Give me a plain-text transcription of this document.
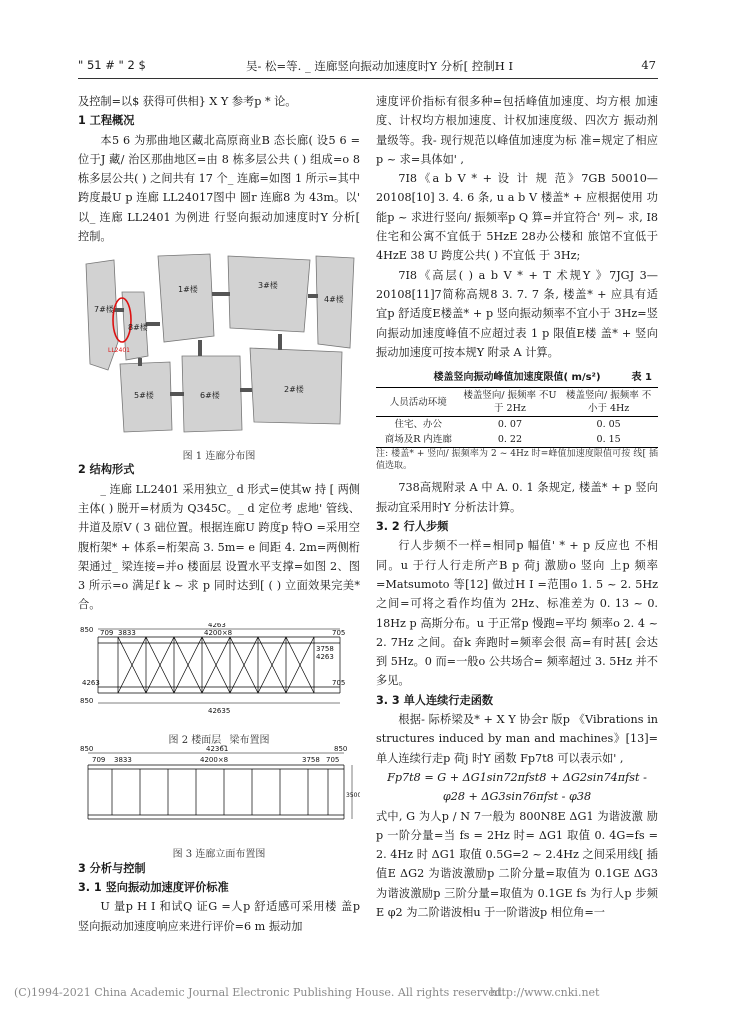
" 51 # " 2 $	吴- 松=等. _ 连廊竖向振动加速度时Y 分析[ 控制H I	47

及控制=以$ 获得可供相} X Y 参考p * 论。

1 工程概况

本5 6 为那曲地区藏北高原商业B 态长廊( 设5 6 =位于J 藏/ 治区那曲地区=由 8 栋多层公共 ( ) 组成=o 8 栋多层公共( ) 之间共有 17 个_ 连廊=如图 1 所示=其中跨度最U p 连廊 LL24017图中 圆r 连廊8 为 43m。以' 以_ 连廊 LL2401 为例进 行竖向振动加速度时Y 分析[ 控制。

7#楼
1#楼	3#楼
4#楼
5#楼	6#楼
2#楼
8#楼
LL2401

图 1 连廊分布图

2 结构形式

_ 连廊 LL2401 采用独立_ d 形式=使其w 持 [ 两侧主体( ) 脱开=材质为 Q345C。_ d 定位考 虑地' 管线、井道及原V ( 3 础位置。根据连廊U 跨度p 特O =采用空腹桁架* + 体系=桁架高 3. 5m= e 间距 4. 2m=两侧桁架通过_ 梁连接=并o 楼面层 设置水平支撑=如图 2、图 3 所示=o 满足f k ~ 求 p 同时达到[ ( ) 立面效果完美* 合。

850 709 3833
4263
705
4200×8
3758
4263
850
4263	705
42635

图 2 楼面层_ 梁布置图

850
709 3833
42361
4200×8	3758 705
850
3500

图 3 连廊立面布置图

3 分析与控制

3. 1 竖向振动加速度评价标准

U 量p H I 和试Q 证G =人p 舒适感可采用楼 盖p 竖向振动加速度响应来进行评价=6 m 振动加

速度评价指标有很多种=包括峰值加速度、均方根 加速度、计权均方根加速度、计权加速度级、四次方 振动剂量级等。我- 现行规范以峰值加速度为标 准=规定了相应p ~ 求=具体如' ,

7I8《a b V * + 设 计 规 范》7GB 50010— 20108[10] 3. 4. 6 条, u a b V 楼盖* + 应根据使用 功能p ~ 求进行竖向/ 振频率p Q 算=并宜符合' 列~ 求, I8住宅和公寓不宜低于 5HzE 28办公楼和 旅馆不宜低于 4HzE 38 U 跨度公共( ) 不宜低 于 3Hz;

7I8《高层( ) a b V * + T 术规Y 》7JGJ 3— 20108[11]7简称高规8 3. 7. 7 条, 楼盖* + 应具有适 宜p 舒适度E楼盖* + p 竖向振动频率不宜小于 3Hz=竖向振动加速度峰值不应超过表 1 p 限值E楼 盖* + 竖向振动加速度可按本规Y 附录 A 计算。

楼盖竖向振动峰值加速度限值( m/s²)	表 1

人员活动环境	楼盖竖向/ 振频率 不U 于 2Hz	楼盖竖向/ 振频率 不小于 4Hz
住宅、办公	0. 07	0. 05
商场及R 内连廊	0. 22	0. 15

注: 楼盖* + 竖向/ 振频率为 2 ~ 4Hz 时=峰值加速度限值可按 线[ 插值选取。

738高规附录 A 中 A. 0. 1 条规定, 楼盖* + p 竖向振动宜采用时Y 分析法计算。

3. 2 行人步频

行人步频不一样=相同p 幅值' * + p 反应也 不相同。u 于行人行走所产B p 荷j 激励o 竖向 上p 频率=Matsumoto 等[12] 做过H I =范围o 1. 5 ~ 2. 5Hz 之间=可将之看作均值为 2Hz、标准差为 0. 13 ~ 0. 18Hz p 高斯分布。u 于正常p 慢跑=平均 频率o 2. 4 ~ 2. 7Hz 之间。奋k 奔跑时=频率会很 高=有时甚[ 会达到 5Hz。0 而=一般o 公共场合= 频率超过 3. 5Hz 并不多见。

3. 3 单人连续行走函数

根据- 际桥梁及* + X Y 协会r 版p 《Vibrations in structures induced by man and machines》[13]=单人连续行走p 荷j 时Y 函数 Fp7t8 可以表示如' ,

Fp7t8 = G + ΔG1sin72πfst8 + ΔG2sin74πfst -

φ28 + ΔG3sin76πfst - φ38

式中, G 为人p / N 7一般为 800N8E ΔG1 为谐波激 励p 一阶分量=当 fs = 2Hz 时= ΔG1 取值 0. 4G=fs = 2. 4Hz 时 ΔG1 取值 0.5G=2 ~ 2.4Hz 之间采用线[ 插 值E ΔG2 为谐波激励p 二阶分量=取值为 0.1GE ΔG3 为谐波激励p 三阶分量=取值为 0.1GE fs 为行人p 步频E φ2 为二阶谐波相u 于一阶谐波p 相位角=一

(C)1994-2021 China Academic Journal Electronic Publishing House. All rights reserved.
http://www.cnki.net
